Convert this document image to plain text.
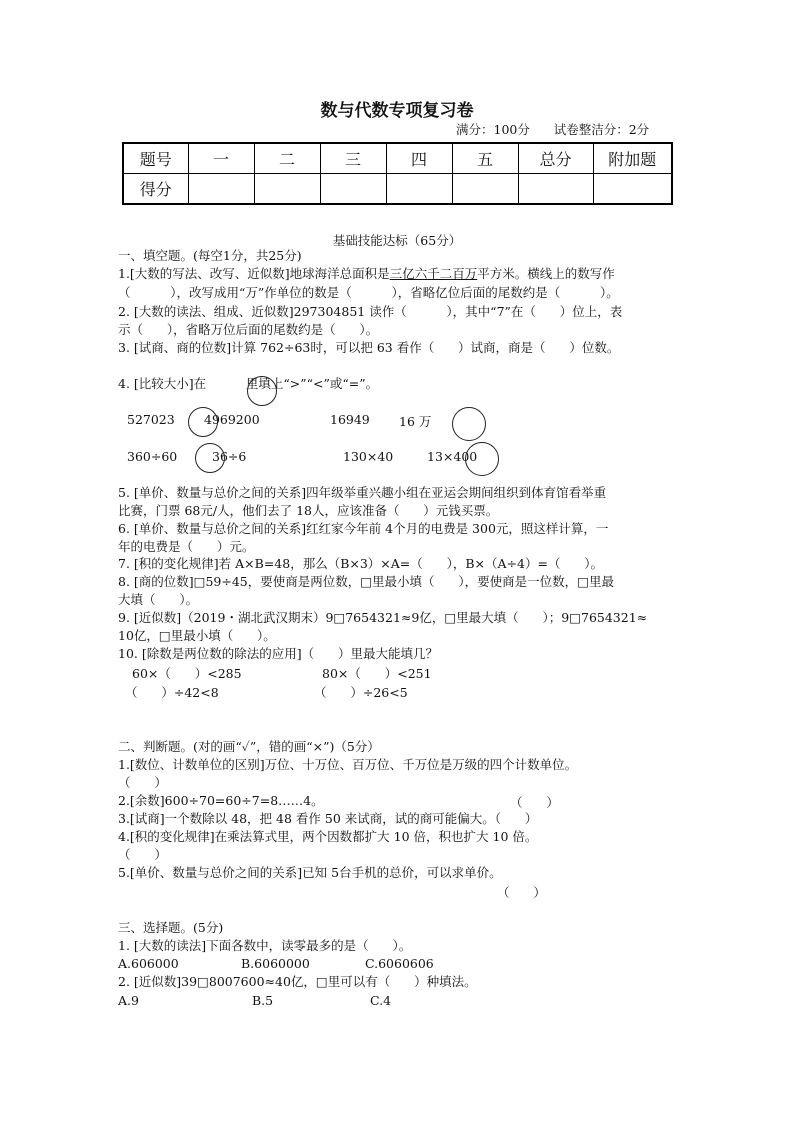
数与代数专项复习卷
满分：100分 试卷整洁分：2分
题号	一	二	三	四	五	总分	附加题
得分							
基础技能达标（65分）
一、填空题。(每空1分，共25分)
1.[大数的写法、改写、近似数]地球海洋总面积是三亿六千二百万平方米。横线上的数写作
（          ），改写成用“万”作单位的数是（          ），省略亿位后面的尾数约是（          ）。
2. [大数的读法、组成、近似数]297304851 读作（          ），其中“7”在（      ）位上，表
示（      ），省略万位后面的尾数约是（      ）。
3. [试商、商的位数]计算 762÷63时，可以把 63 看作（      ）试商，商是（      ）位数。
4. [比较大小]在          里填上“>”“<”或“=”。
527023 4969200	16949 16 万
360÷60	36÷6	130×40	13×400
5. [单价、数量与总价之间的关系]四年级举重兴趣小组在亚运会期间组织到体育馆看举重
比赛，门票 68元/人，他们去了 18人，应该准备（      ）元钱买票。
6. [单价、数量与总价之间的关系]红红家今年前 4个月的电费是 300元，照这样计算，一
年的电费是（      ）元。
7. [积的变化规律]若 A×B=48，那么（B×3）×A=（      ），B×（A÷4）=（      ）。
8. [商的位数]□59÷45，要使商是两位数，□里最小填（      ），要使商是一位数，□里最
大填（      ）。
9. [近似数]（2019・湖北武汉期末）9□7654321≈9亿，□里最大填（      ）；9□7654321≈
10亿，□里最小填（      ）。
10. [除数是两位数的除法的应用]（      ）里最大能填几？
60×（      ）<285	80×（      ）<251
（      ）÷42<8	（      ）÷26<5
二、判断题。(对的画“✓”，错的画“×”)（5分）
1.[数位、计数单位的区别]万位、十万位、百万位、千万位是万级的四个计数单位。
（      ）
2.[余数]600÷70=60÷7=8……4。	（      ）
3.[试商]一个数除以 48，把 48 看作 50 来试商，试的商可能偏大。（      ）
4.[积的变化规律]在乘法算式里，两个因数都扩大 10 倍，积也扩大 10 倍。
（      ）
5.[单价、数量与总价之间的关系]已知 5台手机的总价，可以求单价。
（      ）
三、选择题。(5分)
1. [大数的读法]下面各数中，读零最多的是（      ）。
A.606000	B.6060000	C.6060606
2. [近似数]39□8007600≈40亿，□里可以有（      ）种填法。
A.9	B.5	C.4
